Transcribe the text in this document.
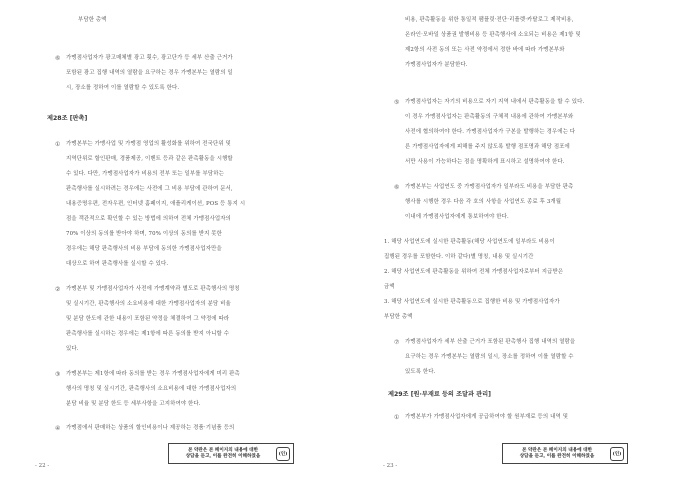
부담한 총액
⑥ 가맹점사업자가 광고매체별 광고 횟수, 광고단가 등 세부 산출 근거가
포함된 광고 집행 내역의 열람을 요구하는 경우 가맹본부는 열람의 일
시, 장소를 정하여 이를 열람할 수 있도록 한다.
제28조 [판촉]
① 가맹본부는 가맹사업 및 가맹점 영업의 활성화를 위하여 전국단위 및
지역단위로 할인판매, 경품제공, 이벤트 등과 같은 판촉활동을 시행할
수 있다. 다만, 가맹점사업자가 비용의 전부 또는 일부를 부담하는
판촉행사를 실시하려는 경우에는 사전에 그 비용 부담에 관하여 문서,
내용증명우편, 전자우편, 인터넷 홈페이지, 애플리케이션, POS 등 통지 시
점을 객관적으로 확인할 수 있는 방법에 의하여 전체 가맹점사업자의
70% 이상의 동의를 받아야 하며, 70% 이상의 동의를 받지 못한
경우에는 해당 판촉행사의 비용 부담에 동의한 가맹점사업자만을
대상으로 하여 판촉행사를 실시할 수 있다.
② 가맹본부 및 가맹점사업자가 사전에 가맹계약과 별도로 판촉행사의 명칭
및 실시기간, 판촉행사의 소요비용에 대한 가맹점사업자의 분담 비율
및 분담 한도에 관한 내용이 포함된 약정을 체결하여 그 약정에 따라
판촉행사를 실시하는 경우에는 제1항에 따른 동의를 받지 아니할 수
있다.
③ 가맹본부는 제1항에 따라 동의를 받는 경우 가맹점사업자에게 미리 판촉
행사의 명칭 및 실시기간, 판촉행사의 소요비용에 대한 가맹점사업자의
분담 비율 및 분담 한도 등 세부사항을 고지하여야 한다.
④ 가맹점에서 판매하는 상품의 할인비용이나 제공하는 경품·기념품 등의
- 22 -
본 약관은 본 페이지의 내용에 대한
상담을 듣고, 이를 완전히 이해하였음	(인)
비용, 판촉활동을 위한 통일적 팸플릿·전단·리플렛·카탈로그 제작비용,
온라인·모바일 상품권 발행비용 등 판촉행사에 소요되는 비용은 제1항 및
제2항의 사전 동의 또는 사전 약정에서 정한 바에 따라 가맹본부와
가맹점사업자가 분담한다.
⑤ 가맹점사업자는 자기의 비용으로 자기 지역 내에서 판촉활동을 할 수 있다.
이 경우 가맹점사업자는 판촉활동의 구체적 내용에 관하여 가맹본부와
사전에 협의하여야 한다. 가맹점사업자가 구본을 발행하는 경우에는 다
른 가맹점사업자에게 피해를 주지 않도록 발행 점포명과 해당 점포에
서만 사용이 가능하다는 점을 명확하게 표시하고 설명하여야 한다.
⑥ 가맹본부는 사업연도 중 가맹점사업자가 일부라도 비용을 부담한 판촉
행사를 시행한 경우 다음 각 호의 사항을 사업연도 종료 후 3개월
이내에 가맹점사업자에게 통보하여야 한다.
1. 해당 사업연도에 실시한 판촉활동(해당 사업연도에 일부라도 비용이
집행된 경우를 포함한다. 이하 같다)별 명칭, 내용 및 실시기간
2. 해당 사업연도에 판촉활동을 위하여 전체 가맹점사업자로부터 지급받은
금액
3. 해당 사업연도에 실시한 판촉활동으로 집행한 비용 및 가맹점사업자가
부담한 총액
⑦ 가맹점사업자가 세부 산출 근거가 포함된 판촉행사 집행 내역의 열람을
요구하는 경우 가맹본부는 열람의 일시, 장소를 정하여 이를 열람할 수
있도록 한다.
제29조 [원·부재료 등의 조달과 관리]
① 가맹본부가 가맹점사업자에게 공급하여야 할 원부재료 등의 내역 및
- 23 -
본 약관은 본 페이지의 내용에 대한
상담을 듣고, 이를 완전히 이해하였음	(인)
